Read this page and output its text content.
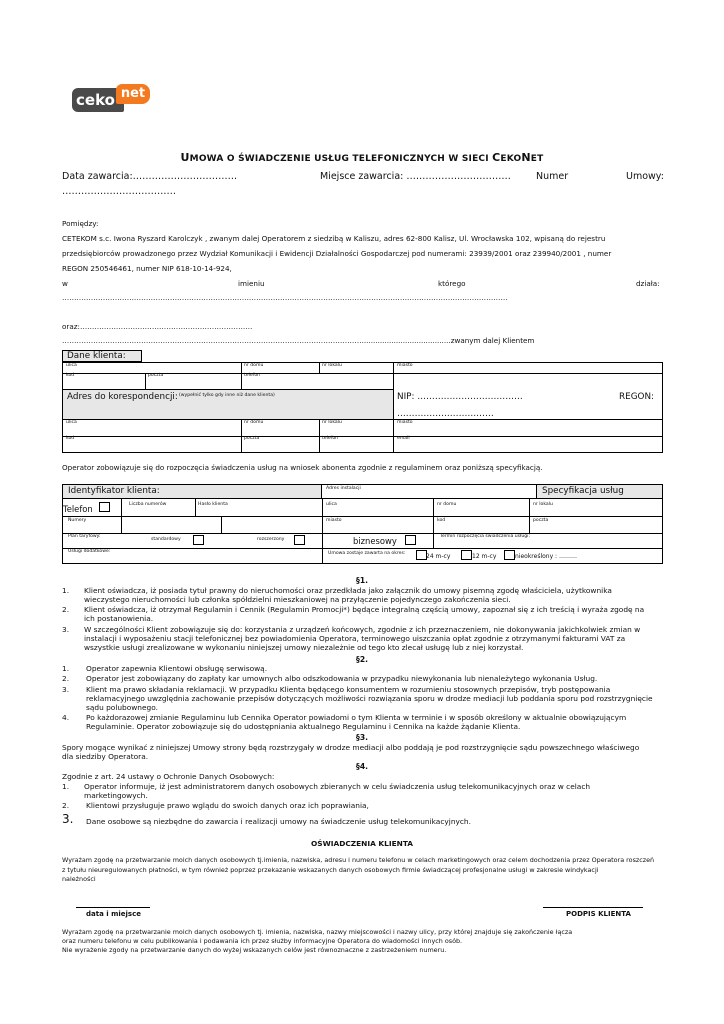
ceko net
UMOWA O ŚWIADCZENIE USŁUG TELEFONICZNYCH W SIECI CEKONET
Data zawarcia:……………………………	Miejsce zawarcia: ……………………………	Numer	Umowy:
………………………………
Pomiędzy:
CETEKOM s.c. Iwona Ryszard Karolczyk , zwanym dalej Operatorem z siedzibą w Kaliszu, adres 62-800 Kalisz, Ul. Wrocławska 102, wpisaną do rejestru
przedsiębiorców prowadzonego przez Wydział Komunikacji i Ewidencji Działalności Gospodarczej pod numerami: 23939/2001 oraz 239940/2001 , numer
REGON 250546461, numer NIP 618-10-14-924,
w	imieniu	którego	działa:
……………………………………………………………………………………………………………………………………………………………………
oraz:………………………………………………………………
………………………………………………………………………………………………………………......................................zwanym dalej Klientem
Dane klienta:
ulica	nr domu	nr lokalu	miasto
kod	poczta	telefon
Adres do korespondencji: (wypełnić tylko gdy inne niż dane klienta)	NIP: ………………………………	REGON:
……………………………
ulica	nr domu	nr lokalu	miasto
kod	poczta	telefon	email
Operator zobowiązuje się do rozpoczęcia świadczenia usług na wniosek abonenta zgodnie z regulaminem oraz poniższą specyfikacją.
Identyfikator klienta:	Adres instalacji	Specyfikacja usług
Telefon	Liczba numerów	Hasło klienta	ulica	nr domu	nr lokalu
Numery	miasto	kod	poczta
Plan taryfowy:
standardowy	rozszerzony	biznesowy	Termin rozpoczęcia świadczenia usługi:
Usługi dodatkowe:	Umowa zostaje zawarta na okres:	24 m-cy	12 m-cy	nieokreślony : ………
§1.
1. Klient oświadcza, iż posiada tytuł prawny do nieruchomości oraz przedkłada jako załącznik do umowy pisemną zgodę właściciela, użytkownika
wieczystego nieruchomości lub członka spółdzielni mieszkaniowej na przyłączenie pojedynczego zakończenia sieci.
2. Klient oświadcza, iż otrzymał Regulamin i Cennik (Regulamin Promocji*) będące integralną częścią umowy, zapoznał się z ich treścią i wyraża zgodę na
ich postanowienia.
3. W szczególności Klient zobowiązuje się do: korzystania z urządzeń końcowych, zgodnie z ich przeznaczeniem, nie dokonywania jakichkolwiek zmian w
instalacji i wyposażeniu stacji telefonicznej bez powiadomienia Operatora, terminowego uiszczania opłat zgodnie z otrzymanymi fakturami VAT za
wszystkie usługi zrealizowane w wykonaniu niniejszej umowy niezależnie od tego kto zlecał usługę lub z niej korzystał.
§2.
1. Operator zapewnia Klientowi obsługę serwisową.
2. Operator jest zobowiązany do zapłaty kar umownych albo odszkodowania w przypadku niewykonania lub nienależytego wykonania Usług.
3. Klient ma prawo składania reklamacji. W przypadku Klienta będącego konsumentem w rozumieniu stosownych przepisów, tryb postępowania
reklamacyjnego uwzględnia zachowanie przepisów dotyczących możliwości rozwiązania sporu w drodze mediacji lub poddania sporu pod rozstrzygnięcie
sądu polubownego.
4. Po każdorazowej zmianie Regulaminu lub Cennika Operator powiadomi o tym Klienta w terminie i w sposób określony w aktualnie obowiązującym
Regulaminie. Operator zobowiązuje się do udostępniania aktualnego Regulaminu i Cennika na każde żądanie Klienta.
§3.
Spory mogące wynikać z niniejszej Umowy strony będą rozstrzygały w drodze mediacji albo poddają je pod rozstrzygnięcie sądu powszechnego właściwego
dla siedziby Operatora.
§4.
Zgodnie z art. 24 ustawy o Ochronie Danych Osobowych:
1. Operator informuje, iż jest administratorem danych osobowych zbieranych w celu świadczenia usług telekomunikacyjnych oraz w celach
marketingowych.
2. Klientowi przysługuje prawo wglądu do swoich danych oraz ich poprawiania,
3. Dane osobowe są niezbędne do zawarcia i realizacji umowy na świadczenie usług telekomunikacyjnych.
OŚWIADCZENIA KLIENTA
Wyrażam zgodę na przetwarzanie moich danych osobowych tj.imienia, nazwiska, adresu i numeru telefonu w celach marketingowych oraz celem dochodzenia przez Operatora roszczeń
z tytułu nieuregulowanych płatności, w tym również poprzez przekazanie wskazanych danych osobowych firmie świadczącej profesjonalne usługi w zakresie windykacji
należności
data i miejsce	PODPIS KLIENTA
Wyrażam zgodę na przetwarzanie moich danych osobowych tj. imienia, nazwiska, nazwy miejscowości i nazwy ulicy, przy której znajduje się zakończenie łącza
oraz numeru telefonu w celu publikowania i podawania ich przez służby informacyjne Operatora do wiadomości innych osób.
Nie wyrażenie zgody na przetwarzanie danych do wyżej wskazanych celów jest równoznaczne z zastrzeżeniem numeru.
